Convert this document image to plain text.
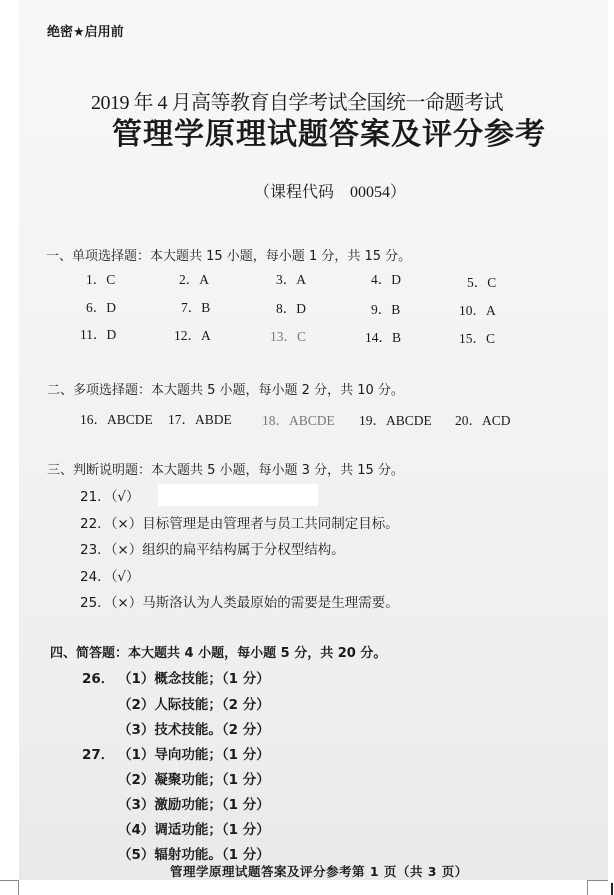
绝密★启用前
2019 年 4 月高等教育自学考试全国统一命题考试
管理学原理试题答案及评分参考
（课程代码　00054）
一、单项选择题：本大题共 15 小题，每小题 1 分，共 15 分。
1．C	2．A	3．A	4．D	5．C
6．D	7．B	8．D	9．B	10．A
11．D	12．A	13．C	14．B	15．C
二、多项选择题：本大题共 5 小题，每小题 2 分，共 10 分。
16．ABCDE 17．ABDE 18．ABCDE 19．ABCDE 20．ACD
三、判断说明题：本大题共 5 小题，每小题 3 分，共 15 分。
21．（√）
22．（×）目标管理是由管理者与员工共同制定目标。
23．（×）组织的扁平结构属于分权型结构。
24．（√）
25．（×）马斯洛认为人类最原始的需要是生理需要。
四、简答题：本大题共 4 小题，每小题 5 分，共 20 分。
26． （1）概念技能；（1 分）
（2）人际技能；（2 分）
（3）技术技能。（2 分）
27． （1）导向功能；（1 分）
（2）凝聚功能；（1 分）
（3）激励功能；（1 分）
（4）调适功能；（1 分）
（5）辐射功能。（1 分）
管理学原理试题答案及评分参考第 1 页（共 3 页）
